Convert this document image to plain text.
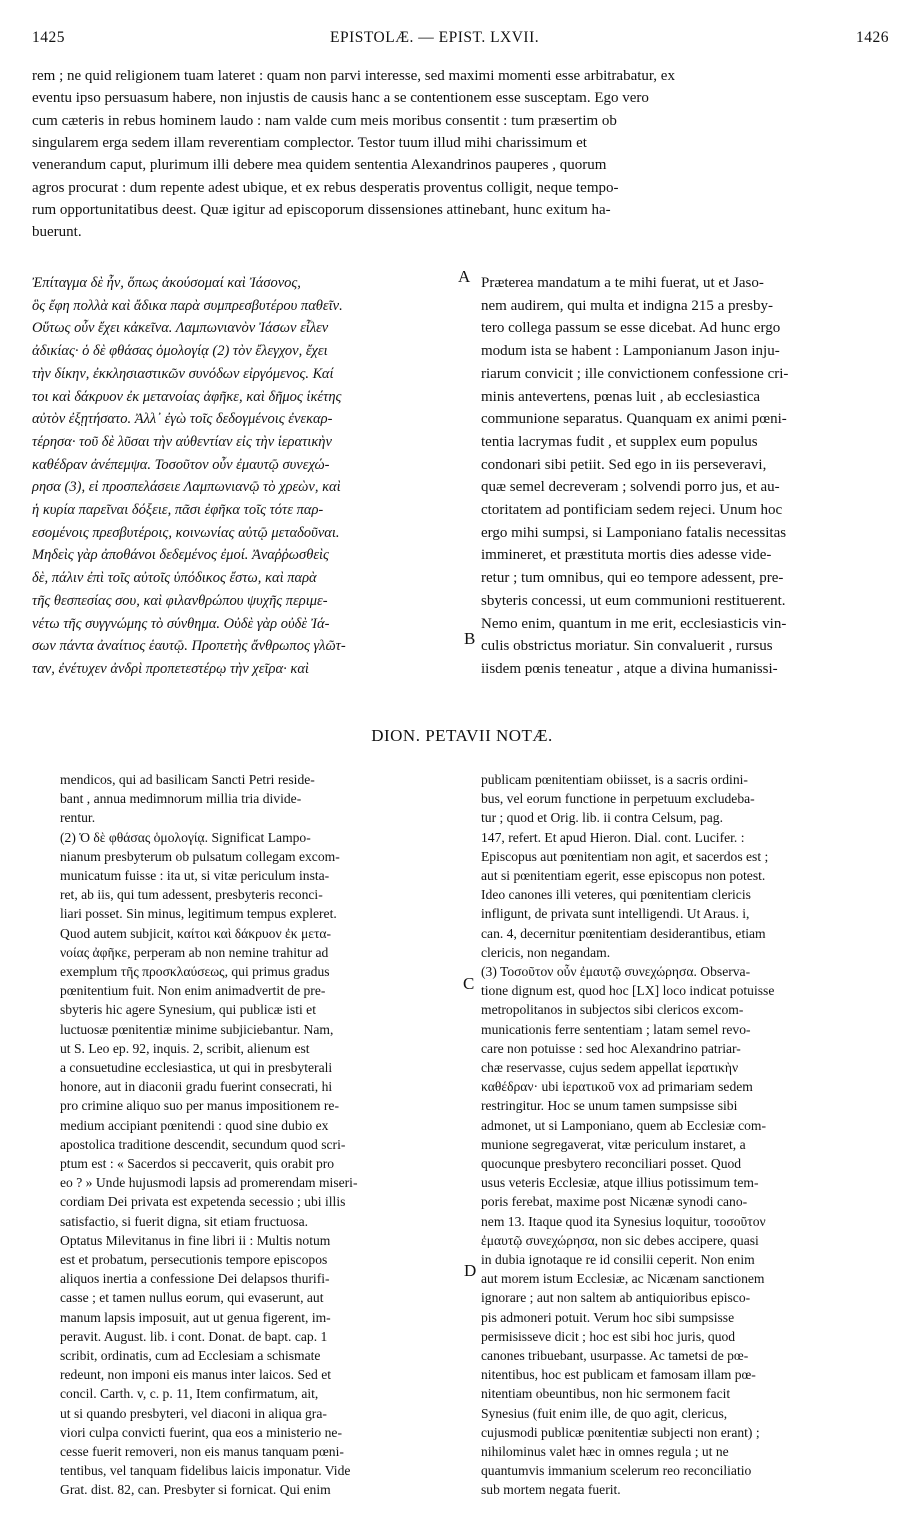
1425	EPISTOLÆ. — EPIST. LXVII.	1426
rem ; ne quid religionem tuam lateret : quam non parvi interesse, sed maximi momenti esse arbitrabatur, ex
eventu ipso persuasum habere, non injustis de causis hanc a se contentionem esse susceptam. Ego vero
cum cæteris in rebus hominem laudo : nam valde cum meis moribus consentit : tum præsertim ob
singularem erga sedem illam reverentiam complector. Testor tuum illud mihi charissimum et
venerandum caput, plurimum illi debere mea quidem sententia Alexandrinos pauperes , quorum
agros procurat : dum repente adest ubique, et ex rebus desperatis proventus colligit, neque tempo-
rum opportunitatibus deest. Quæ igitur ad episcoporum dissensiones attinebant, hunc exitum ha-
buerunt.
Ἐπίταγμα δὲ ἦν, ὅπως ἀκούσομαί καὶ Ἰάσονος,
ὃς ἔφη πολλὰ καὶ ἄδικα παρὰ συμπρεσβυτέρου παθεῖν.
Οὕτως οὖν ἔχει κἀκεῖνα. Λαμπωνιανὸν Ἰάσων εἶλεν
ἀδικίας· ὁ δὲ φθάσας ὁμολογίᾳ (2) τὸν ἔλεγχον, ἔχει
τὴν δίκην, ἐκκλησιαστικῶν συνόδων εἰργόμενος. Καί
τοι καὶ δάκρυον ἐκ μετανοίας ἀφῆκε, καὶ δῆμος ἱκέτης
αὐτὸν ἐξῃτήσατο. Ἀλλ᾽ ἐγὼ τοῖς δεδογμένοις ἐνεκαρ-
τέρησα· τοῦ δὲ λῦσαι τὴν αὐθεντίαν εἰς τὴν ἱερατικὴν
καθέδραν ἀνέπεμψα. Τοσοῦτον οὖν ἐμαυτῷ συνεχώ-
ρησα (3), εἰ προσπελάσειε Λαμπωνιανῷ τὸ χρεὼν, καὶ
ἡ κυρία παρεῖναι δόξειε, πᾶσι ἐφῆκα τοῖς τότε παρ-
εσομένοις πρεσβυτέροις, κοινωνίας αὐτῷ μεταδοῦναι.
Μηδεὶς γὰρ ἀποθάνοι δεδεμένος ἐμοί. Ἀναῤῥωσθεὶς
δὲ, πάλιν ἐπὶ τοῖς αὐτοῖς ὑπόδικος ἔστω, καὶ παρὰ
τῆς θεσπεσίας σου, καὶ φιλανθρώπου ψυχῆς περιμε-
νέτω τῆς συγγνώμης τὸ σύνθημα. Οὐδὲ γὰρ οὐδὲ Ἰά-
σων πάντα ἀναίτιος ἑαυτῷ. Προπετὴς ἄνθρωπος γλῶτ-
ταν, ἐνέτυχεν ἀνδρὶ προπετεστέρῳ τὴν χεῖρα· καὶ
Præterea mandatum a te mihi fuerat, ut et Jaso-
nem audirem, qui multa et indigna 215 a presby-
tero collega passum se esse dicebat. Ad hunc ergo
modum ista se habent : Lamponianum Jason inju-
riarum convicit ; ille convictionem confessione cri-
minis antevertens, pœnas luit , ab ecclesiastica
communione separatus. Quanquam ex animi pœni-
tentia lacrymas fudit , et supplex eum populus
condonari sibi petiit. Sed ego in iis perseveravi,
quæ semel decreveram ; solvendi porro jus, et au-
ctoritatem ad pontificiam sedem rejeci. Unum hoc
ergo mihi sumpsi, si Lamponiano fatalis necessitas
immineret, et præstituta mortis dies adesse vide-
retur ; tum omnibus, qui eo tempore adessent, pre-
sbyteris concessi, ut eum communioni restituerent.
Nemo enim, quantum in me erit, ecclesiasticis vin-
culis obstrictus moriatur. Sin convaluerit , rursus
iisdem pœnis teneatur , atque a divina humanissi-
A
B
C
D
DION. PETAVII NOTÆ.
mendicos, qui ad basilicam Sancti Petri reside-
bant , annua medimnorum millia tria divide-
rentur.
(2) Ὁ δὲ φθάσας ὁμολογίᾳ. Significat Lampo-
nianum presbyterum ob pulsatum collegam excom-
municatum fuisse : ita ut, si vitæ periculum insta-
ret, ab iis, qui tum adessent, presbyteris reconci-
liari posset. Sin minus, legitimum tempus expleret.
Quod autem subjicit, καίτοι καὶ δάκρυον ἐκ μετα-
νοίας ἀφῆκε, perperam ab non nemine trahitur ad
exemplum τῆς προσκλαύσεως, qui primus gradus
pœnitentium fuit. Non enim animadvertit de pre-
sbyteris hic agere Synesium, qui publicæ isti et
luctuosæ pœnitentiæ minime subjiciebantur. Nam,
ut S. Leo ep. 92, inquis. 2, scribit, alienum est
a consuetudine ecclesiastica, ut qui in presbyterali
honore, aut in diaconii gradu fuerint consecrati, hi
pro crimine aliquo suo per manus impositionem re-
medium accipiant pœnitendi : quod sine dubio ex
apostolica traditione descendit, secundum quod scri-
ptum est : « Sacerdos si peccaverit, quis orabit pro
eo ? » Unde hujusmodi lapsis ad promerendam miseri-
cordiam Dei privata est expetenda secessio ; ubi illis
satisfactio, si fuerit digna, sit etiam fructuosa.
Optatus Milevitanus in fine libri ii : Multis notum
est et probatum, persecutionis tempore episcopos
aliquos inertia a confessione Dei delapsos thurifi-
casse ; et tamen nullus eorum, qui evaserunt, aut
manum lapsis imposuit, aut ut genua figerent, im-
peravit. August. lib. i cont. Donat. de bapt. cap. 1
scribit, ordinatis, cum ad Ecclesiam a schismate
redeunt, non imponi eis manus inter laicos. Sed et
concil. Carth. v, c. p. 11, Item confirmatum, ait,
ut si quando presbyteri, vel diaconi in aliqua gra-
viori culpa convicti fuerint, qua eos a ministerio ne-
cesse fuerit removeri, non eis manus tanquam pœni-
tentibus, vel tanquam fidelibus laicis imponatur. Vide
Grat. dist. 82, can. Presbyter si fornicat. Qui enim
publicam pœnitentiam obiisset, is a sacris ordini-
bus, vel eorum functione in perpetuum excludeba-
tur ; quod et Orig. lib. ii contra Celsum, pag.
147, refert. Et apud Hieron. Dial. cont. Lucifer. :
Episcopus aut pœnitentiam non agit, et sacerdos est ;
aut si pœnitentiam egerit, esse episcopus non potest.
Ideo canones illi veteres, qui pœnitentiam clericis
infligunt, de privata sunt intelligendi. Ut Araus. i,
can. 4, decernitur pœnitentiam desiderantibus, etiam
clericis, non negandam.
(3) Τοσοῦτον οὖν ἐμαυτῷ συνεχώρησα. Observa-
tione dignum est, quod hoc [LX] loco indicat potuisse
metropolitanos in subjectos sibi clericos excom-
municationis ferre sententiam ; latam semel revo-
care non potuisse : sed hoc Alexandrino patriar-
chæ reservasse, cujus sedem appellat ἱερατικὴν
καθέδραν· ubi ἱερατικοῦ vox ad primariam sedem
restringitur. Hoc se unum tamen sumpsisse sibi
admonet, ut si Lamponiano, quem ab Ecclesiæ com-
munione segregaverat, vitæ periculum instaret, a
quocunque presbytero reconciliari posset. Quod
usus veteris Ecclesiæ, atque illius potissimum tem-
poris ferebat, maxime post Nicænæ synodi cano-
nem 13. Itaque quod ita Synesius loquitur, τοσοῦτον
ἐμαυτῷ συνεχώρησα, non sic debes accipere, quasi
in dubia ignotaque re id consilii ceperit. Non enim
aut morem istum Ecclesiæ, ac Nicænam sanctionem
ignorare ; aut non saltem ab antiquioribus episco-
pis admoneri potuit. Verum hoc sibi sumpsisse
permisisseve dicit ; hoc est sibi hoc juris, quod
canones tribuebant, usurpasse. Ac tametsi de pœ-
nitentibus, hoc est publicam et famosam illam pœ-
nitentiam obeuntibus, non hic sermonem facit
Synesius (fuit enim ille, de quo agit, clericus,
cujusmodi publicæ pœnitentiæ subjecti non erant) ;
nihilominus valet hæc in omnes regula ; ut ne
quantumvis immanium scelerum reo reconciliatio
sub mortem negata fuerit.
